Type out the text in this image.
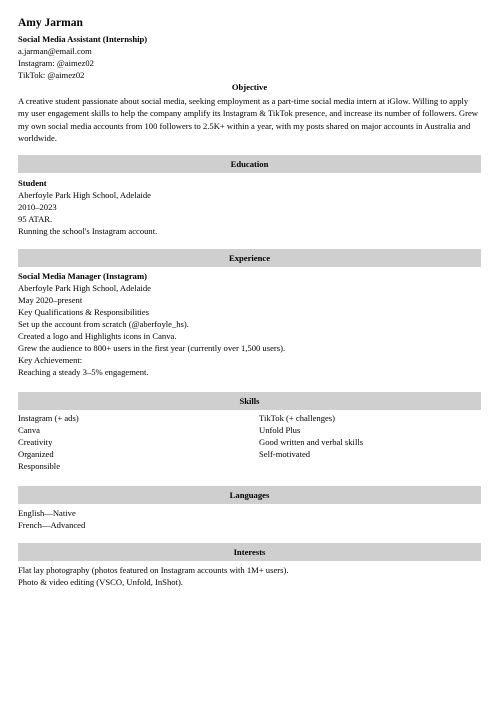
Amy Jarman
Social Media Assistant (Internship)
a.jarman@email.com
Instagram: @aimez02
TikTok: @aimez02
Objective
A creative student passionate about social media, seeking employment as a part-time social media intern at iGlow. Willing to apply my user engagement skills to help the company amplify its Instagram & TikTok presence, and increase its number of followers. Grew my own social media accounts from 100 followers to 2.5K+ within a year, with my posts shared on major accounts in Australia and worldwide.
Education
Student
Aberfoyle Park High School, Adelaide
2010–2023
95 ATAR.
Running the school's Instagram account.
Experience
Social Media Manager (Instagram)
Aberfoyle Park High School, Adelaide
May 2020–present
Key Qualifications & Responsibilities
Set up the account from scratch (@aberfoyle_hs).
Created a logo and Highlights icons in Canva.
Grew the audience to 800+ users in the first year (currently over 1,500 users).
Key Achievement:
Reaching a steady 3–5% engagement.
Skills
Instagram (+ ads)
Canva
Creativity
Organized
Responsible
TikTok (+ challenges)
Unfold Plus
Good written and verbal skills
Self-motivated
Languages
English—Native
French—Advanced
Interests
Flat lay photography (photos featured on Instagram accounts with 1M+ users).
Photo & video editing (VSCO, Unfold, InShot).
